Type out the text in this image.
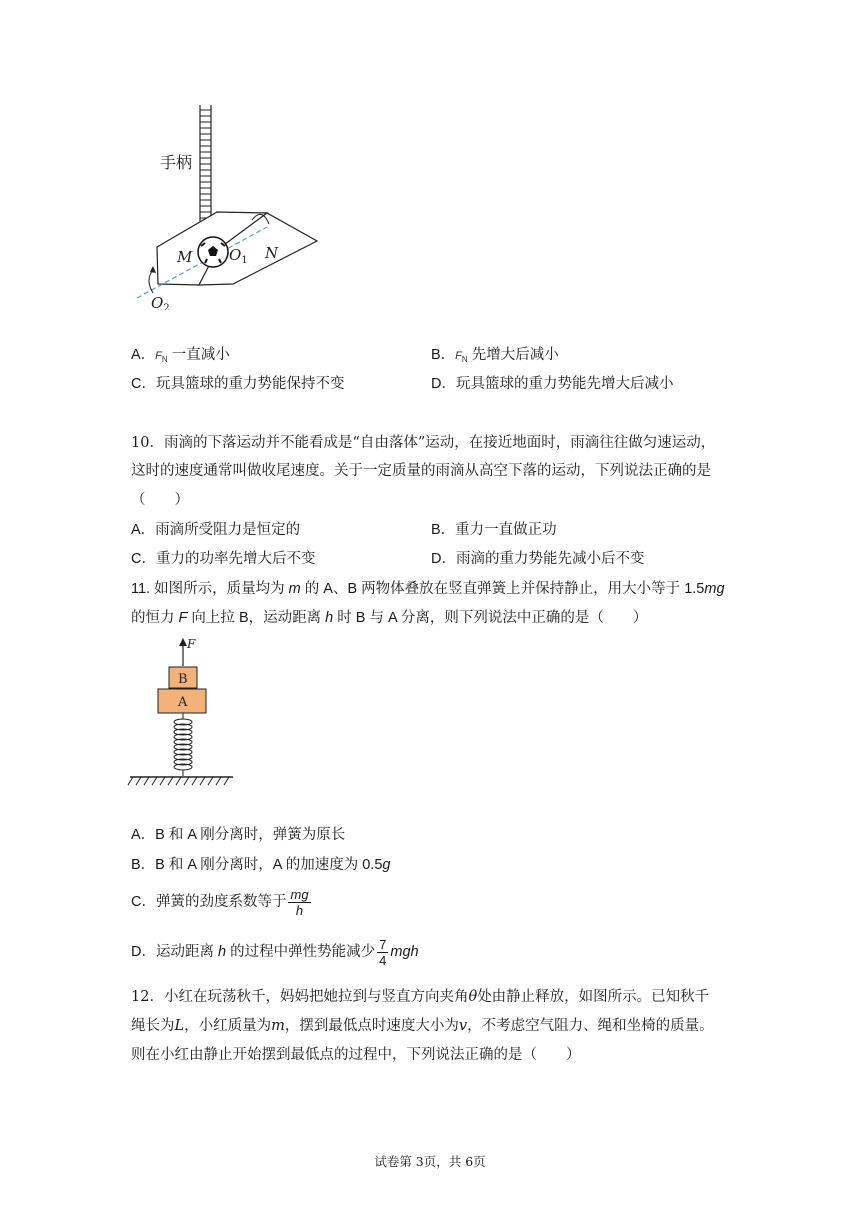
手柄
M $O_1$ N
$O_2$
A．$F_N$ 一直减小	B．$F_N$ 先增大后减小
C．玩具篮球的重力势能保持不变	D．玩具篮球的重力势能先增大后减小
10．雨滴的下落运动并不能看成是“自由落体”运动，在接近地面时，雨滴往往做匀速运动，
这时的速度通常叫做收尾速度。关于一定质量的雨滴从高空下落的运动，下列说法正确的是
（　　）
A．雨滴所受阻力是恒定的	B．重力一直做正功
C．重力的功率先增大后不变	D．雨滴的重力势能先减小后不变
11. 如图所示，质量均为 m 的 A、B 两物体叠放在竖直弹簧上并保持静止，用大小等于 1.5mg
的恒力 F 向上拉 B，运动距离 h 时 B 与 A 分离，则下列说法中正确的是（　　）
F
B
A
A．B 和 A 刚分离时，弹簧为原长
B．B 和 A 刚分离时，A 的加速度为 0.5g
C．弹簧的劲度系数等于 $\frac{mg}{h}$
D．运动距离 h 的过程中弹性势能减少 $\frac{7}{4}$ mgh
12．小红在玩荡秋千，妈妈把她拉到与竖直方向夹角θ处由静止释放，如图所示。已知秋千
绳长为L，小红质量为m，摆到最低点时速度大小为v，不考虑空气阻力、绳和坐椅的质量。
则在小红由静止开始摆到最低点的过程中，下列说法正确的是（　　）
试卷第 3页，共 6页
